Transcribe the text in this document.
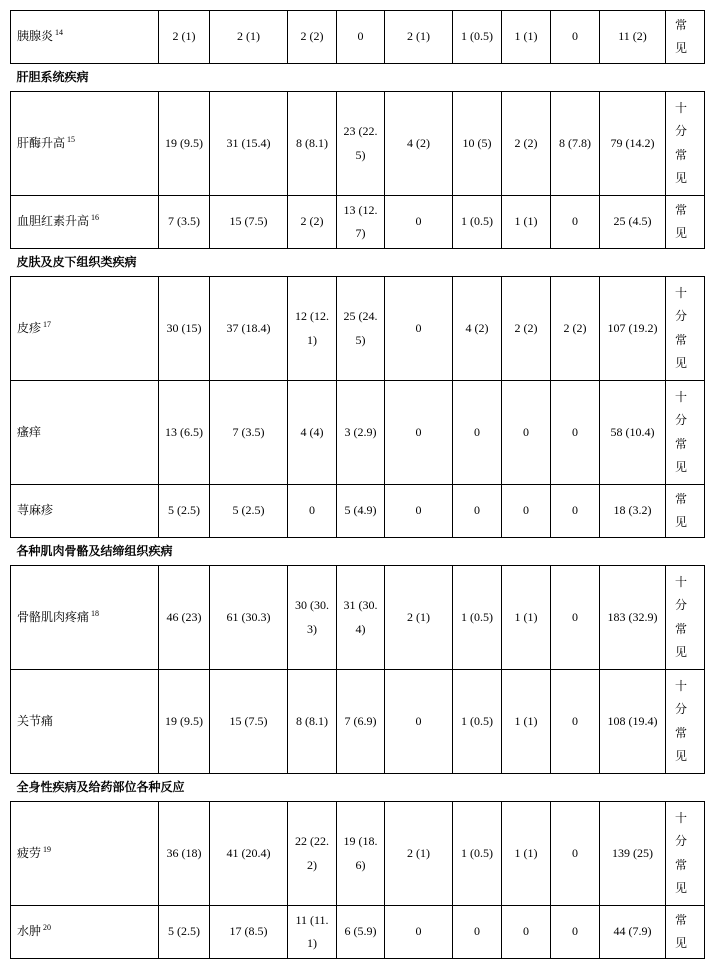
胰腺炎 $^{14}$	2 (1)	2 (1)	2 (2)	0	2 (1)	1 (0.5)	1 (1)	0	11 (2)	常见
肝胆系统疾病										
肝酶升高 $^{15}$	19 (9.5)	31 (15.4)	8 (8.1)	23 (22.5)	4 (2)	10 (5)	2 (2)	8 (7.8)	79 (14.2)	十分常见
血胆红素升高 $^{16}$	7 (3.5)	15 (7.5)	2 (2)	13 (12.7)	0	1 (0.5)	1 (1)	0	25 (4.5)	常见
皮肤及皮下组织类疾病										
皮疹 $^{17}$	30 (15)	37 (18.4)	12 (12.1)	25 (24.5)	0	4 (2)	2 (2)	2 (2)	107 (19.2)	十分常见
瘙痒	13 (6.5)	7 (3.5)	4 (4)	3 (2.9)	0	0	0	0	58 (10.4)	十分常见
荨麻疹	5 (2.5)	5 (2.5)	0	5 (4.9)	0	0	0	0	18 (3.2)	常见
各种肌肉骨骼及结缔组织疾病										
骨骼肌肉疼痛 $^{18}$	46 (23)	61 (30.3)	30 (30.3)	31 (30.4)	2 (1)	1 (0.5)	1 (1)	0	183 (32.9)	十分常见
关节痛	19 (9.5)	15 (7.5)	8 (8.1)	7 (6.9)	0	1 (0.5)	1 (1)	0	108 (19.4)	十分常见
全身性疾病及给药部位各种反应										
疲劳 $^{19}$	36 (18)	41 (20.4)	22 (22.2)	19 (18.6)	2 (1)	1 (0.5)	1 (1)	0	139 (25)	十分常见
水肿 $^{20}$	5 (2.5)	17 (8.5)	11 (11.1)	6 (5.9)	0	0	0	0	44 (7.9)	常见
